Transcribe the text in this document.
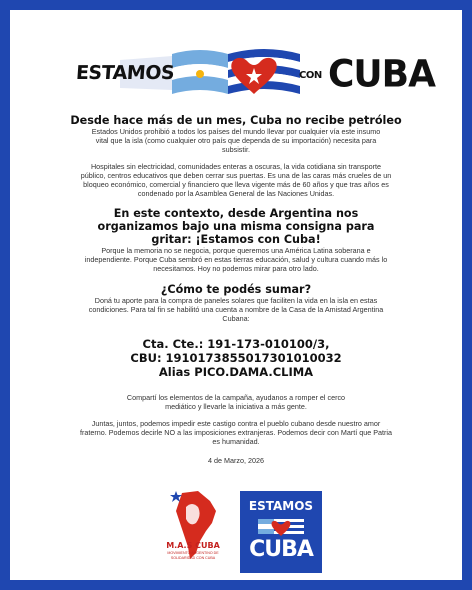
ESTAMOS	CON CUBA
Desde hace más de un mes, Cuba no recibe petróleo

Estados Unidos prohibió a todos los países del mundo llevar por cualquier vía este insumo vital que la isla (como cualquier otro país que dependa de su importación) necesita para subsistir.

Hospitales sin electricidad, comunidades enteras a oscuras, la vida cotidiana sin transporte público, centros educativos que deben cerrar sus puertas. Es una de las caras más crueles de un bloqueo económico, comercial y financiero que lleva vigente más de 60 años y que tras años es condenado por la Asamblea General de las Naciones Unidas.

En este contexto, desde Argentina nos organizamos bajo una misma consigna para gritar: ¡Estamos con Cuba!

Porque la memoria no se negocia, porque queremos una América Latina soberana e independiente. Porque Cuba sembró en estas tierras educación, salud y cultura cuando más lo necesitamos. Hoy no podemos mirar para otro lado.

¿Cómo te podés sumar?

Doná tu aporte para la compra de paneles solares que faciliten la vida en la isla en estas condiciones. Para tal fin se habilitó una cuenta a nombre de la Casa de la Amistad Argentina Cubana:

Cta. Cte.: 191-173-010100/3,
CBU: 1910173855017301010032
Alias PICO.DAMA.CLIMA

Compartí los elementos de la campaña, ayudanos a romper el cerco mediático y llevarle la iniciativa a más gente.

Juntas, juntos, podemos impedir este castigo contra el pueblo cubano desde nuestro amor fraterno. Podemos decirle NO a las imposiciones extranjeras. Podemos decir con Martí que Patria es humanidad.

4 de Marzo, 2026
M.A.S CUBA
MOVIMIENTO ARGENTINO DE SOLIDARIDAD CON CUBA
ESTAMOS
CUBA
